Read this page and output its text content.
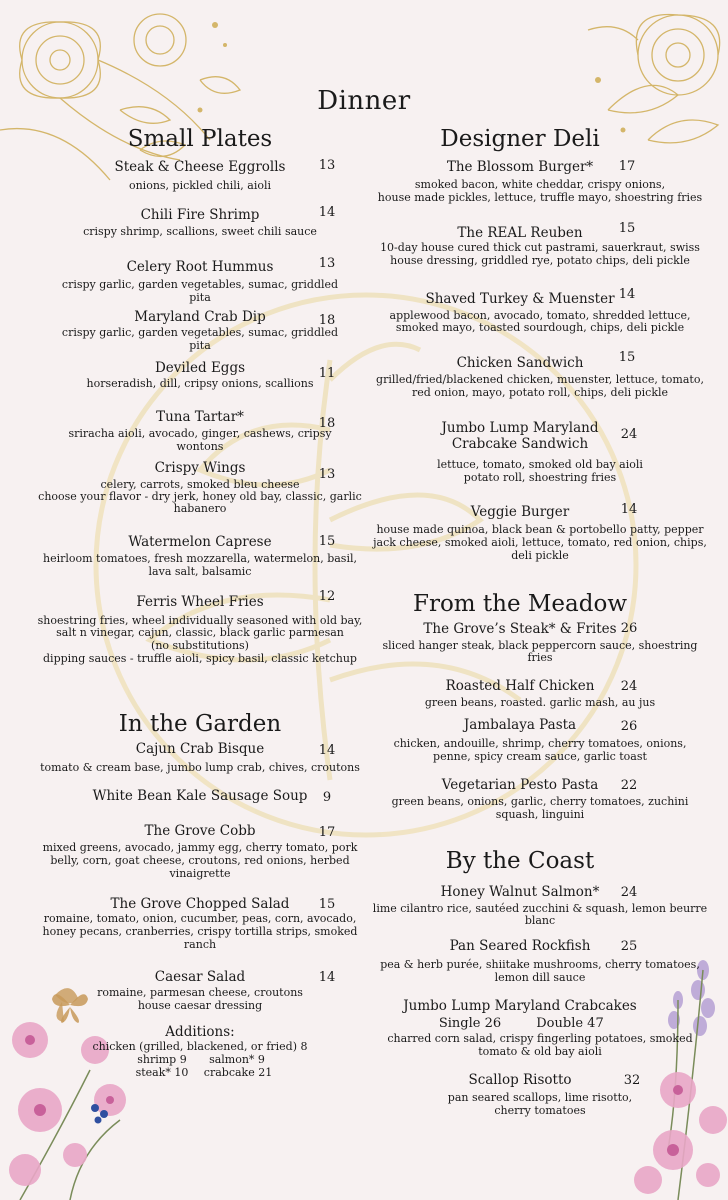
Dinner
Small Plates
Steak & Cheese Eggrolls	13
onions, pickled chili, aioli
Chili Fire Shrimp	14
crispy shrimp, scallions, sweet chili sauce
Celery Root Hummus	13
crispy garlic, garden vegetables, sumac, griddled pita
Maryland Crab Dip	18
crispy garlic, garden vegetables, sumac, griddled pita
Deviled Eggs	11
horseradish, dill, cripsy onions, scallions
Tuna Tartar*	18
sriracha aioli, avocado, ginger, cashews, cripsy wontons
Crispy Wings	13
celery, carrots, smoked bleu cheese
choose your flavor - dry jerk, honey old bay, classic, garlic
habanero
Watermelon Caprese	15
heirloom tomatoes, fresh mozzarella, watermelon, basil,
lava salt, balsamic
Ferris Wheel Fries	12
shoestring fries, wheel individually seasoned with old bay,
salt n vinegar, cajun, classic, black garlic parmesan
(no substitutions)
dipping sauces - truffle aioli, spicy basil, classic ketchup
In the Garden
Cajun Crab Bisque	14
tomato & cream base, jumbo lump crab, chives, croutons
White Bean Kale Sausage Soup	9
The Grove Cobb	17
mixed greens, avocado, jammy egg, cherry tomato, pork
belly, corn, goat cheese, croutons, red onions, herbed
vinaigrette
The Grove Chopped Salad	15
romaine, tomato, onion, cucumber, peas, corn, avocado,
honey pecans, cranberries, crispy tortilla strips, smoked
ranch
Caesar Salad	14
romaine, parmesan cheese, croutons
house caesar dressing
Additions:
chicken (grilled, blackened, or fried) 8
shrimp 9	salmon* 9
steak* 10	crabcake 21
Designer Deli
The Blossom Burger*	17
smoked bacon, white cheddar, crispy onions,
house made pickles, lettuce, truffle mayo, shoestring fries
The REAL Reuben	15
10-day house cured thick cut pastrami, sauerkraut, swiss
house dressing, griddled rye, potato chips, deli pickle
Shaved Turkey & Muenster 14
applewood bacon, avocado, tomato, shredded lettuce,
smoked mayo, toasted sourdough, chips, deli pickle
Chicken Sandwich	15
grilled/fried/blackened chicken, muenster, lettuce, tomato,
red onion, mayo, potato roll, chips, deli pickle
Jumbo Lump Maryland
Crabcake Sandwich
24
lettuce, tomato, smoked old bay aioli
potato roll, shoestring fries
Veggie Burger	14
house made quinoa, black bean & portobello patty, pepper
jack cheese, smoked aioli, lettuce, tomato, red onion, chips,
deli pickle
From the Meadow
The Grove’s Steak* & Frites 26
sliced hanger steak, black peppercorn sauce, shoestring
fries
Roasted Half Chicken	24
green beans, roasted. garlic mash, au jus
Jambalaya Pasta	26
chicken, andouille, shrimp, cherry tomatoes, onions,
penne, spicy cream sauce, garlic toast
Vegetarian Pesto Pasta	22
green beans, onions, garlic, cherry tomatoes, zuchini
squash, linguini
By the Coast
Honey Walnut Salmon*	24
lime cilantro rice, sautéed zucchini & squash, lemon beurre
blanc
Pan Seared Rockfish	25
pea & herb purée, shiitake mushrooms, cherry tomatoes,
lemon dill sauce
Jumbo Lump Maryland Crabcakes
Single 26	Double 47
charred corn salad, crispy fingerling potatoes, smoked
tomato & old bay aioli
Scallop Risotto	32
pan seared scallops, lime risotto,
cherry tomatoes
